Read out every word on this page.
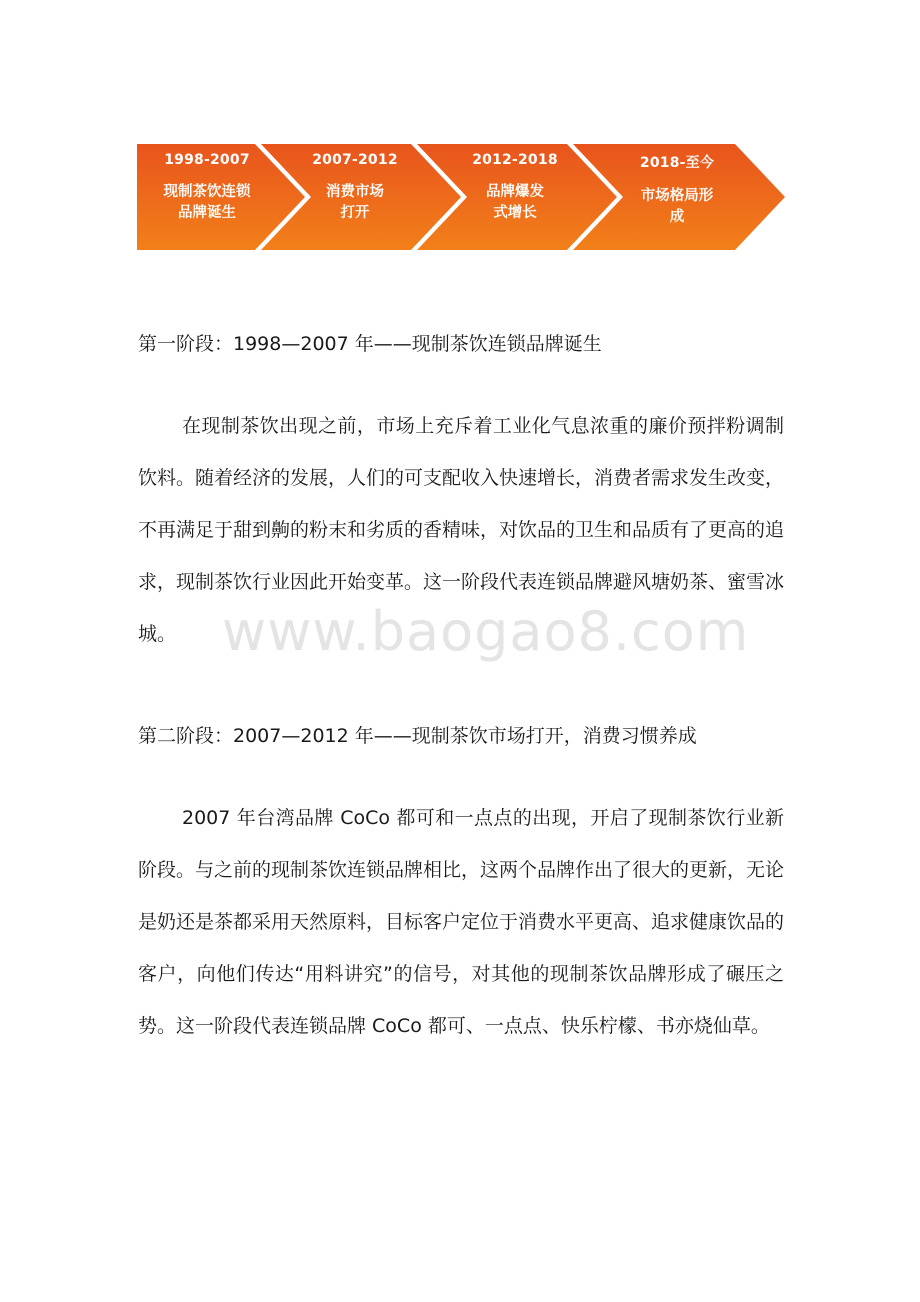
1998-2007
现制茶饮连锁
品牌诞生
2007-2012
消费市场
打开
2012-2018
品牌爆发
式增长
2018-至今
市场格局形
成
www.baogao8.com
第一阶段：1998—2007 年——现制茶饮连锁品牌诞生

在现制茶饮出现之前，市场上充斥着工业化气息浓重的廉价预拌粉调制饮料。随着经济的发展，人们的可支配收入快速增长，消费者需求发生改变，不再满足于甜到齁的粉末和劣质的香精味，对饮品的卫生和品质有了更高的追求，现制茶饮行业因此开始变革。这一阶段代表连锁品牌避风塘奶茶、蜜雪冰城。

第二阶段：2007—2012 年——现制茶饮市场打开，消费习惯养成

2007 年台湾品牌 CoCo 都可和一点点的出现，开启了现制茶饮行业新阶段。与之前的现制茶饮连锁品牌相比，这两个品牌作出了很大的更新，无论是奶还是茶都采用天然原料，目标客户定位于消费水平更高、追求健康饮品的客户，向他们传达“用料讲究”的信号，对其他的现制茶饮品牌形成了碾压之势。这一阶段代表连锁品牌 CoCo 都可、一点点、快乐柠檬、书亦烧仙草。
